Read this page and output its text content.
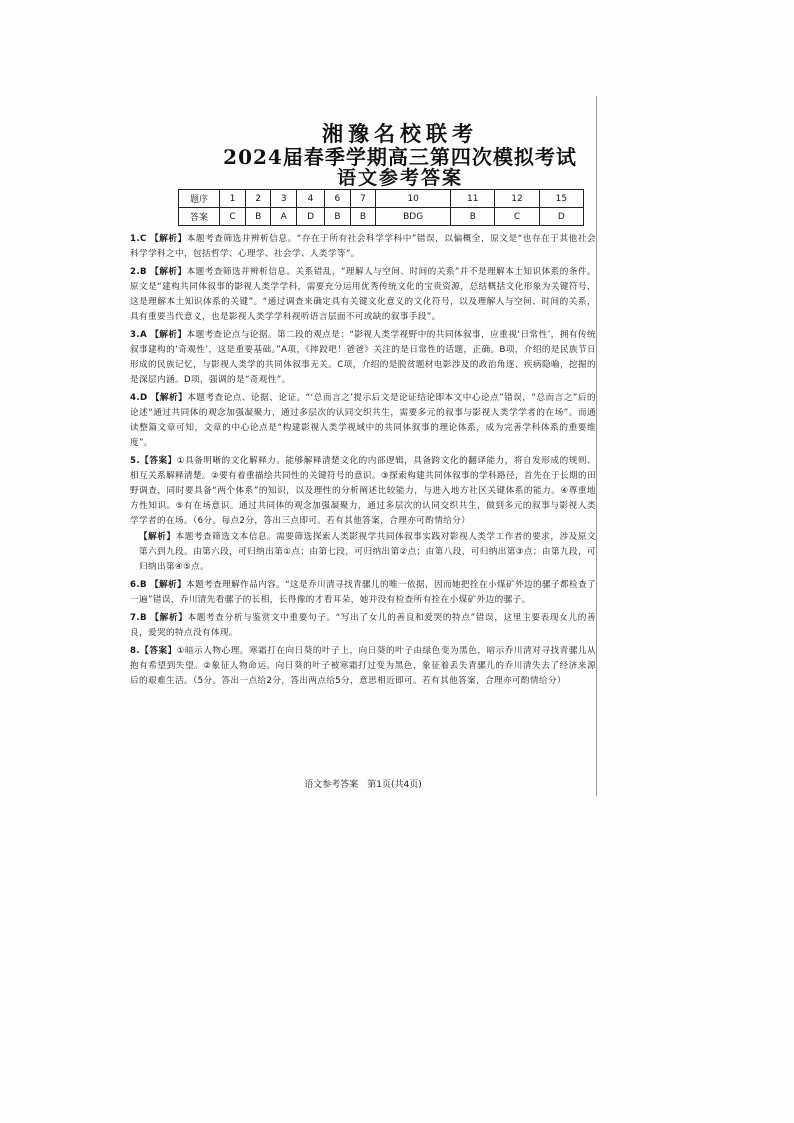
湘豫名校联考
2024届春季学期高三第四次模拟考试
语文参考答案
题序	1	2	3	4	6	7	10	11	12	15
答案	C	B	A	D	B	B	BDG	B	C	D
1.C 【解析】本题考查筛选并辨析信息。“存在于所有社会科学学科中”错误，以偏概全，原文是“也存在于其他社会科学学科之中，包括哲学、心理学、社会学、人类学等”。
2.B 【解析】本题考查筛选并辨析信息。关系错乱，“理解人与空间、时间的关系”并不是理解本土知识体系的条件。原文是“建构共同体叙事的影视人类学学科，需要充分运用优秀传统文化的宝贵资源，总结概括文化形象为关键符号，这是理解本土知识体系的关键”。“通过调查来确定具有关键文化意义的文化符号，以及理解人与空间、时间的关系，具有重要当代意义，也是影视人类学学科视听语言层面不可或缺的叙事手段”。
3.A 【解析】本题考查论点与论据。第二段的观点是：“影视人类学视野中的共同体叙事，应重视‘日常性’，拥有传统叙事建构的‘奇观性’，这是重要基础。”A项，《摔跤吧！爸爸》关注的是日常性的话题，正确。B项，介绍的是民族节日形成的民族记忆，与影视人类学的共同体叙事无关。C项，介绍的是脱贫题材电影涉及的政治角逐、疾病隐喻，挖掘的是深层内涵。D项，强调的是“奇观性”。
4.D 【解析】本题考查论点、论据、论证。“‘总而言之’提示后文是论证结论即本文中心论点”错误，“总而言之”后的论述“通过共同体的观念加强凝聚力，通过多层次的认同交织共生，需要多元的叙事与影视人类学学者的在场”。而通读整篇文章可知，文章的中心论点是“构建影视人类学视域中的共同体叙事的理论体系，成为完善学科体系的重要维度”。
5.【答案】①具备明晰的文化解释力。能够解释清楚文化的内部逻辑，具备跨文化的翻译能力，将自发形成的规则、相互关系解释清楚。②要有着重描绘共同性的关键符号的意识。③探索构建共同体叙事的学科路径，首先在于长期的田野调查，同时要具备“两个体系”的知识，以及理性的分析阐述比较能力，与进入地方社区关键体系的能力。④尊重地方性知识。⑤有在场意识。通过共同体的观念加强凝聚力，通过多层次的认同交织共生，做到多元的叙事与影视人类学学者的在场。（6分。每点2分，答出三点即可。若有其他答案，合理亦可酌情给分）
【解析】本题考查筛选文本信息。需要筛选探索人类影视学共同体叙事实践对影视人类学工作者的要求，涉及原文第六到九段。由第六段，可归纳出第①点；由第七段，可归纳出第②点；由第八段，可归纳出第③点；由第九段，可归纳出第④⑤点。
6.B 【解析】本题考查理解作品内容。“这是乔川清寻找青骡儿的唯一依据，因而她把拴在小煤矿外边的骡子都检查了一遍”错误，乔川清先看骡子的长相，长得像的才看耳朵，她并没有检查所有拴在小煤矿外边的骡子。
7.B 【解析】本题考查分析与鉴赏文中重要句子。“写出了女儿的善良和爱哭的特点”错误，这里主要表现女儿的善良，爱哭的特点没有体现。
8.【答案】①暗示人物心理。寒霜打在向日葵的叶子上，向日葵的叶子由绿色变为黑色，暗示乔川清对寻找青骡儿从抱有希望到失望。②象征人物命运。向日葵的叶子被寒霜打过变为黑色，象征着丢失青骡儿的乔川清失去了经济来源后的艰难生活。（5分。答出一点给2分，答出两点给5分，意思相近即可。若有其他答案，合理亦可酌情给分）
语文参考答案　第1页(共4页)
